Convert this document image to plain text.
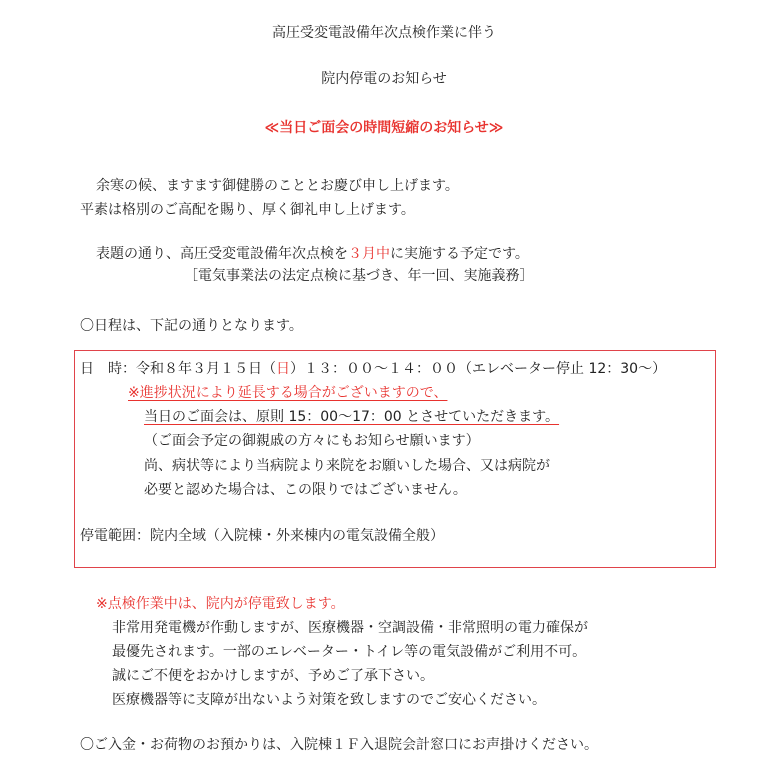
高圧受変電設備年次点検作業に伴う

院内停電のお知らせ

≪当日ご面会の時間短縮のお知らせ≫

余寒の候、ますます御健勝のこととお慶び申し上げます。

平素は格別のご高配を賜り、厚く御礼申し上げます。

表題の通り、高圧受変電設備年次点検を３月中に実施する予定です。

［電気事業法の法定点検に基づき、年一回、実施義務］

〇日程は、下記の通りとなります。

日　時：令和８年３月１５日（日）１３：００～１４：００（エレベーター停止 12：30～）

※進捗状況により延長する場合がございますので、

当日のご面会は、原則 15：00～17：00 とさせていただきます。

（ご面会予定の御親戚の方々にもお知らせ願います）

尚、病状等により当病院より来院をお願いした場合、又は病院が

必要と認めた場合は、この限りではございません。

停電範囲：院内全域（入院棟・外来棟内の電気設備全般）

※点検作業中は、院内が停電致します。

非常用発電機が作動しますが、医療機器・空調設備・非常照明の電力確保が

最優先されます。一部のエレベーター・トイレ等の電気設備がご利用不可。

誠にご不便をおかけしますが、予めご了承下さい。

医療機器等に支障が出ないよう対策を致しますのでご安心ください。

〇ご入金・お荷物のお預かりは、入院棟１Ｆ入退院会計窓口にお声掛けください。
